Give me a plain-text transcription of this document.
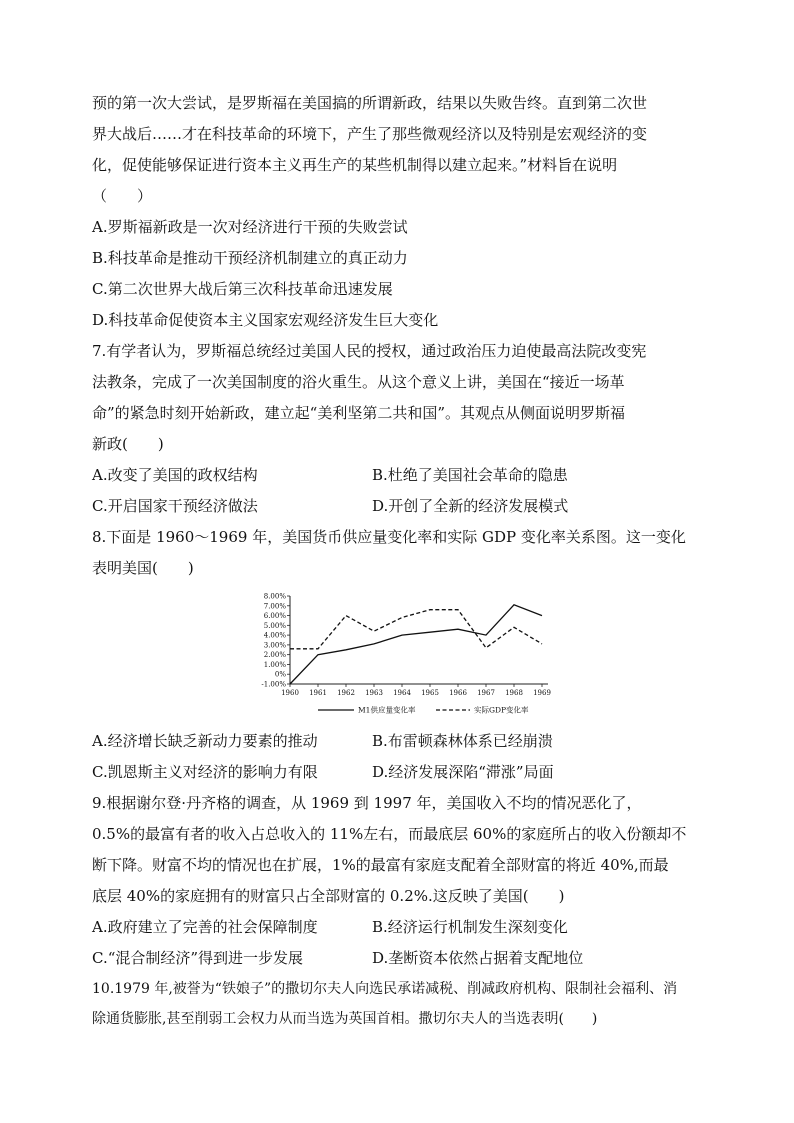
预的第一次大尝试，是罗斯福在美国搞的所谓新政，结果以失败告终。直到第二次世
界大战后……才在科技革命的环境下，产生了那些微观经济以及特别是宏观经济的变
化，促使能够保证进行资本主义再生产的某些机制得以建立起来。”材料旨在说明
（　　）
A.罗斯福新政是一次对经济进行干预的失败尝试
B.科技革命是推动干预经济机制建立的真正动力
C.第二次世界大战后第三次科技革命迅速发展
D.科技革命促使资本主义国家宏观经济发生巨大变化
7.有学者认为，罗斯福总统经过美国人民的授权，通过政治压力迫使最高法院改变宪
法教条，完成了一次美国制度的浴火重生。从这个意义上讲，美国在“接近一场革
命”的紧急时刻开始新政，建立起“美利坚第二共和国”。其观点从侧面说明罗斯福
新政(　　)
A.改变了美国的政权结构	B.杜绝了美国社会革命的隐患
C.开启国家干预经济做法	D.开创了全新的经济发展模式
8.下面是 1960～1969 年，美国货币供应量变化率和实际 GDP 变化率关系图。这一变化
表明美国(　　)
8.00%
7.00%
6.00%
5.00%
4.00%
3.00%
2.00%
1.00%
0%
-1.00%
1960 1961 1962 1963 1964 1965 1966 1967 1968 1969
M1供应量变化率	实际GDP变化率
A.经济增长缺乏新动力要素的推动	B.布雷顿森林体系已经崩溃
C.凯恩斯主义对经济的影响力有限	D.经济发展深陷“滞涨”局面
9.根据谢尔登·丹齐格的调查，从 1969 到 1997 年，美国收入不均的情况恶化了，
0.5%的最富有者的收入占总收入的 11%左右，而最底层 60%的家庭所占的收入份额却不
断下降。财富不均的情况也在扩展，1%的最富有家庭支配着全部财富的将近 40%,而最
底层 40%的家庭拥有的财富只占全部财富的 0.2%.这反映了美国(　　)
A.政府建立了完善的社会保障制度	B.经济运行机制发生深刻变化
C.“混合制经济”得到进一步发展	D.垄断资本依然占据着支配地位
10.1979 年,被誉为“铁娘子”的撒切尔夫人向选民承诺减税、削减政府机构、限制社会福利、消
除通货膨胀,甚至削弱工会权力从而当选为英国首相。撒切尔夫人的当选表明(　　)
